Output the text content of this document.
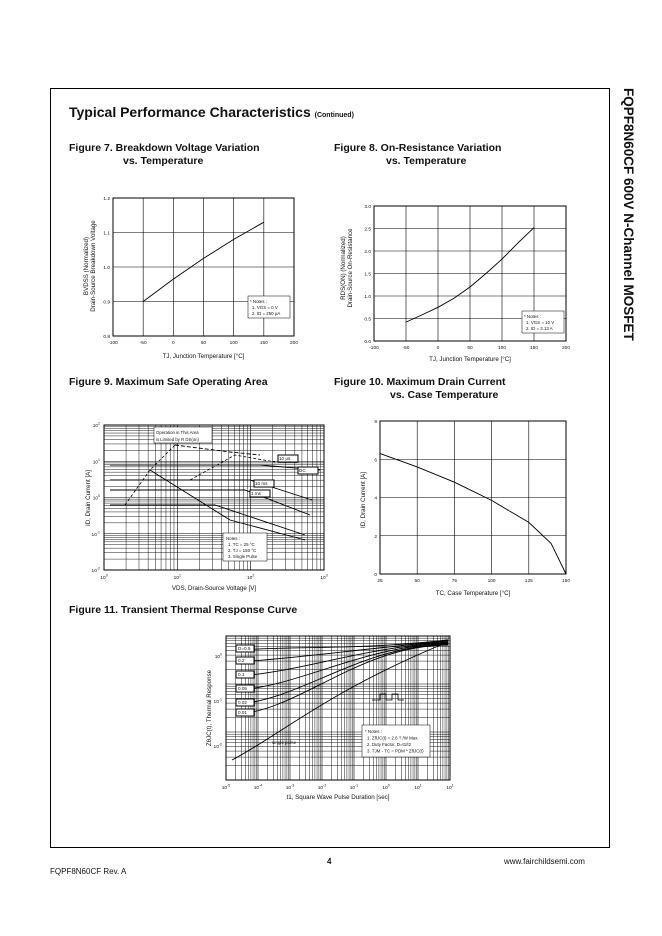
FQPF8N60CF 600V N-Channel MOSFET
Typical Performance Characteristics (Continued)
Figure 7. Breakdown Voltage Variation
vs. Temperature
Figure 8. On-Resistance Variation
vs. Temperature
Figure 9. Maximum Safe Operating Area	Figure 10. Maximum Drain Current
vs. Case Temperature
Figure 11. Transient Thermal Response Curve
-100	-50	0	50	100	150	200
0.8
0.9
1.0
1.1
1.2
TJ, Junction Temperature [°C]
BVDSS (Normalized) Drain-Source Breakdown Voltage	* Notes :
1. VGS = 0 V
2. ID = 250 μA
-100	-50	0	50	100	150	200
0.0
0.5
1.0
1.5
2.0
2.5
3.0
TJ, Junction Temperature [°C]
RDS(ON) (Normalized) Drain-Source On-Resistance
* Notes :
1. VGS = 10 V
2. ID = 3.13 A
25	50	75	100	125	150
0
2
4
6
8
TC, Case Temperature [°C]
ID, Drain Current [A]
$10^0$
$10^1$
$10^2$
$10^3$
$10^{-2}$
$10^{-1}$
$10^0$
$10^1$
$10^2$
VDS, Drain-Source Voltage [V]
ID, Drain Current [A]
Operation in This Area
is Limited by R DS(on)
10 μs
DC
10 ms
1 ms
Notes :
1. TC = 25 °C
2. TJ = 150 °C
3. Single Pulse
$10^{-5}$
$10^{-4}$
$10^{-3}$
$10^{-2}$
$10^{-1}$
$10^0$
$10^1$
$10^1$
$10^0$
$10^{-1}$
$10^{-2}$
t1, Square Wave Pulse Duration [sec]
ZθJC(t), Thermal Response
D=0.5
0.2
0.1
0.05
0.02
0.01
single pulse
* Notes :
1. ZθJC(t) = 2.6 ? /W Max.
2. Duty Factor, D=t1/t2
3. TJM - TC = PDM * ZθJC(t)
FQPF8N60CF Rev. A
4	www.fairchildsemi.com
